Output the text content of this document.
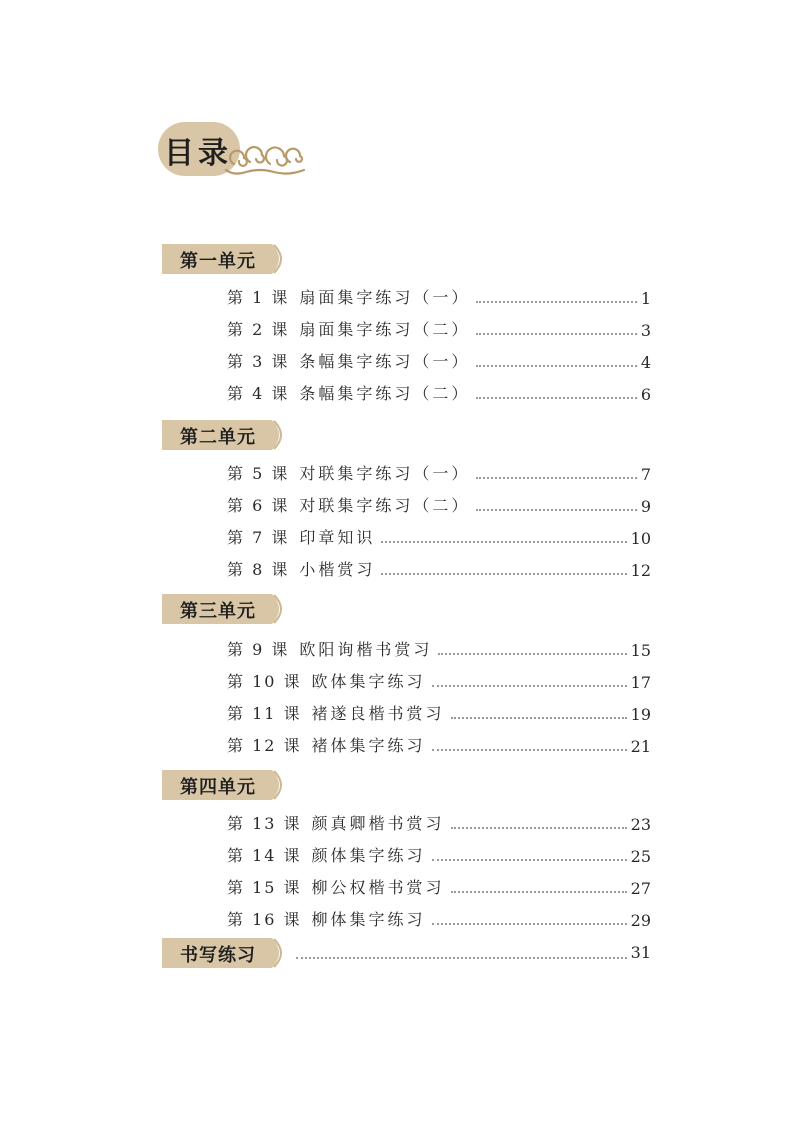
目录
第一单元
第 1 课 扇面集字练习（一）	1
第 2 课 扇面集字练习（二）	3
第 3 课 条幅集字练习（一）	4
第 4 课 条幅集字练习（二）	6
第二单元
第 5 课 对联集字练习（一）	7
第 6 课 对联集字练习（二）	9
第 7 课 印章知识	10
第 8 课 小楷赏习	12
第三单元
第 9 课 欧阳询楷书赏习	15
第 10 课 欧体集字练习	17
第 11 课 褚遂良楷书赏习	19
第 12 课 褚体集字练习	21
第四单元
第 13 课 颜真卿楷书赏习	23
第 14 课 颜体集字练习	25
第 15 课 柳公权楷书赏习	27
第 16 课 柳体集字练习	29
书写练习	31
